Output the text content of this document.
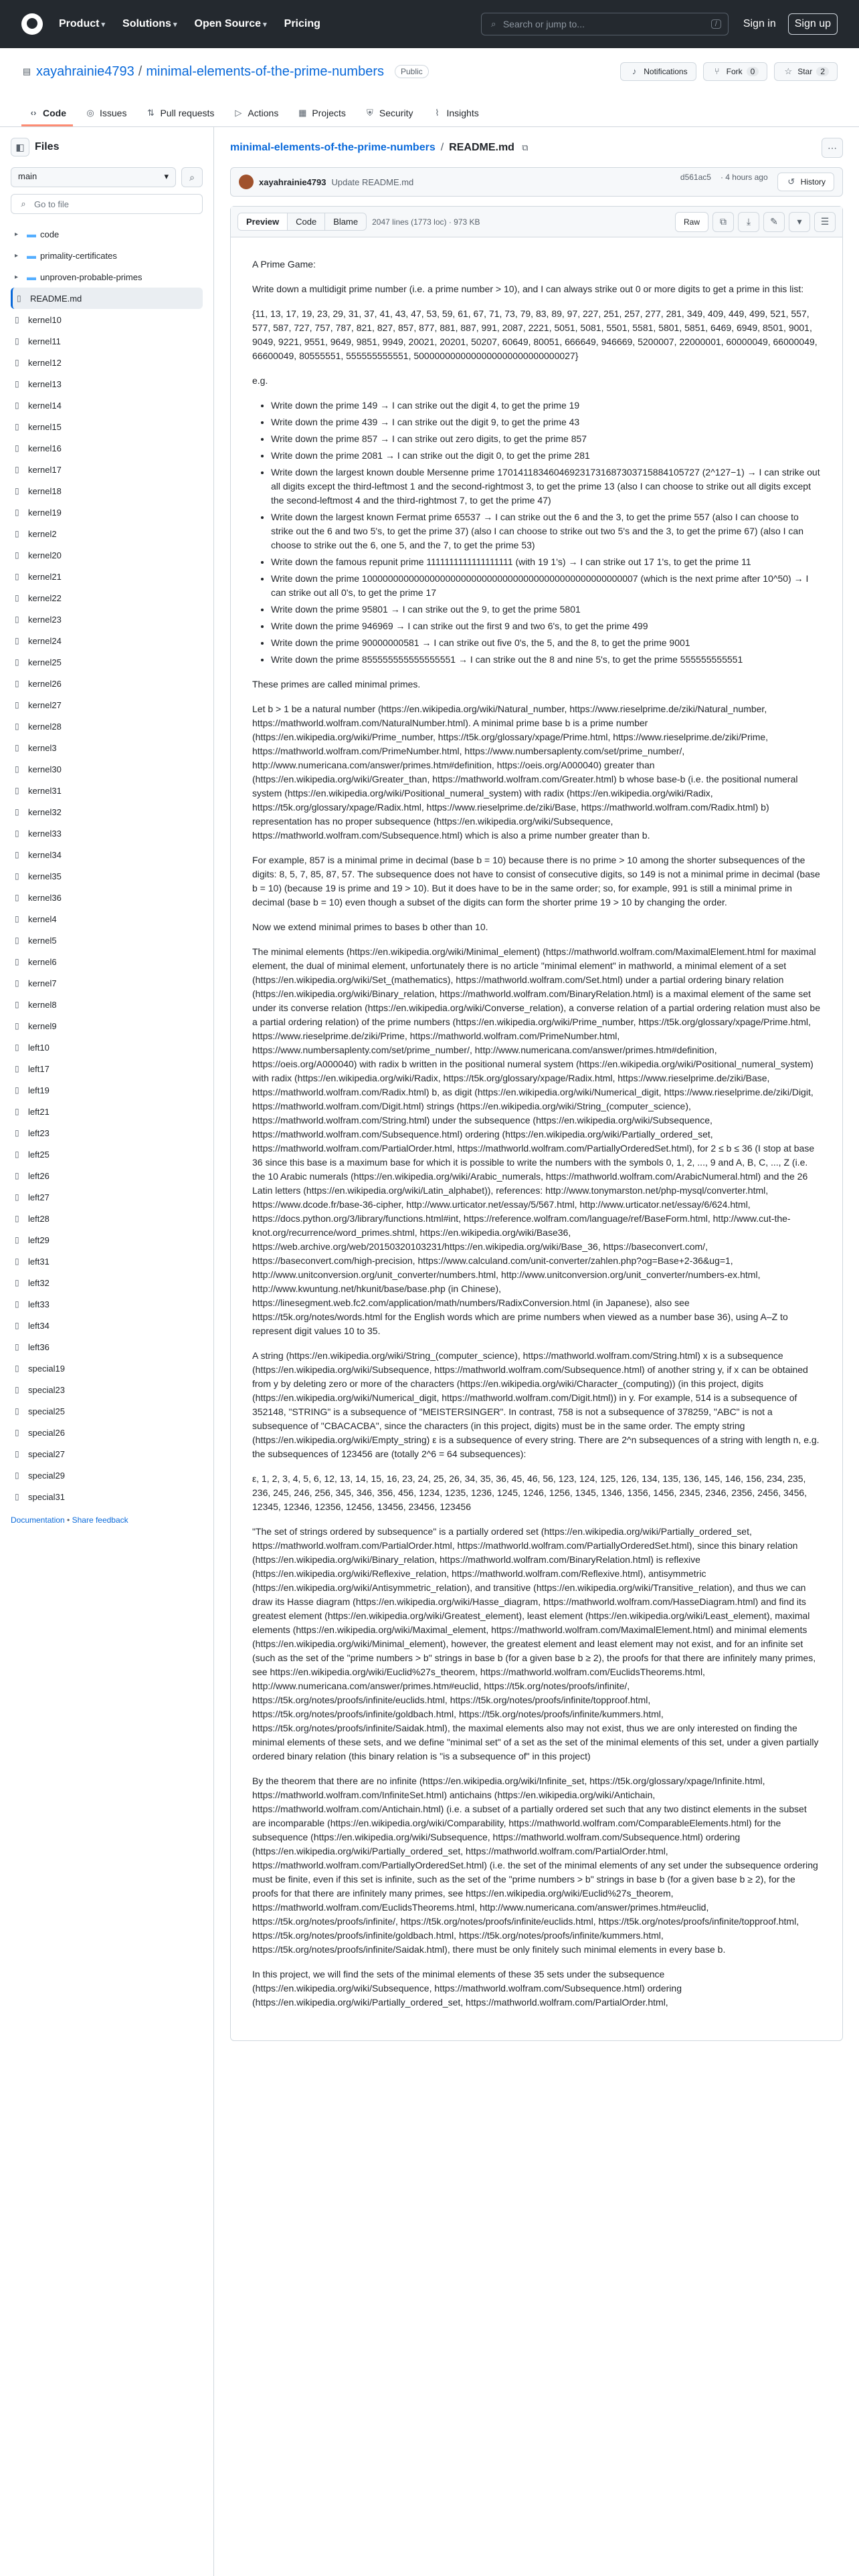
Product ▾	Solutions ▾	Open Source ▾	Pricing	⌕ Search or jump to...	/	Sign in	Sign up
▤ xayahrainie4793 / minimal-elements-of-the-prime-numbers	Public	♪ Notifications	⑂ Fork	0	☆ Star	2
‹› Code ◎ Issues ⇅ Pull requests ▷ Actions ▦ Projects ⛨ Security	⌇ Insights
◧ Files
main	▾	⌕
⌕ Go to file
▸ ▬ code
▸ ▬ primality-certificates
▸ ▬ unproven-probable-primes
▯	README.md
▯	kernel10
▯	kernel11
▯	kernel12
▯	kernel13
▯	kernel14
▯	kernel15
▯	kernel16
▯	kernel17
▯	kernel18
▯	kernel19
▯	kernel2
▯	kernel20
▯	kernel21
▯	kernel22
▯	kernel23
▯	kernel24
▯	kernel25
▯	kernel26
▯	kernel27
▯	kernel28
▯	kernel3
▯	kernel30
▯	kernel31
▯	kernel32
▯	kernel33
▯	kernel34
▯	kernel35
▯	kernel36
▯	kernel4
▯	kernel5
▯	kernel6
▯	kernel7
▯	kernel8
▯	kernel9
▯	left10
▯	left17
▯	left19
▯	left21
▯	left23
▯	left25
▯	left26
▯	left27
▯	left28
▯	left29
▯	left31
▯	left32
▯	left33
▯	left34
▯	left36
▯	special19
▯	special23
▯	special25
▯	special26
▯	special27
▯	special29
▯	special31
Documentation • Share feedback
minimal-elements-of-the-prime-numbers / README.md ⧉	⋯
xayahrainie4793 Update README.md	d561ac5 · 4 hours ago ↺ History
Preview	Code	Blame	2047 lines (1773 loc) · 973 KB	Raw	⧉	⤓	✎	▾	☰

A Prime Game:

Write down a multidigit prime number (i.e. a prime number > 10), and I can always strike out 0 or more digits to get a prime in this list:

{11, 13, 17, 19, 23, 29, 31, 37, 41, 43, 47, 53, 59, 61, 67, 71, 73, 79, 83, 89, 97, 227, 251, 257, 277, 281, 349, 409, 449, 499, 521, 557, 577, 587, 727, 757, 787, 821, 827, 857, 877, 881, 887, 991, 2087, 2221, 5051, 5081, 5501, 5581, 5801, 5851, 6469, 6949, 8501, 9001, 9049, 9221, 9551, 9649, 9851, 9949, 20021, 20201, 50207, 60649, 80051, 666649, 946669, 5200007, 22000001, 60000049, 66000049, 66600049, 80555551, 555555555551, 5000000000000000000000000000027}

e.g.

• Write down the prime 149 → I can strike out the digit 4, to get the prime 19
• Write down the prime 439 → I can strike out the digit 9, to get the prime 43
• Write down the prime 857 → I can strike out zero digits, to get the prime 857
• Write down the prime 2081 → I can strike out the digit 0, to get the prime 281
• Write down the largest known double Mersenne prime 170141183460469231731687303715884105727 (2^127−1) → I can strike out all digits except the third-leftmost 1 and the second-rightmost 3, to get the prime 13 (also I can choose to strike out all digits except the second-leftmost 4 and the third-rightmost 7, to get the prime 47)
• Write down the largest known Fermat prime 65537 → I can strike out the 6 and the 3, to get the prime 557 (also I can choose to strike out the 6 and two 5's, to get the prime 37) (also I can choose to strike out two 5's and the 3, to get the prime 67) (also I can choose to strike out the 6, one 5, and the 7, to get the prime 53)
• Write down the famous repunit prime 1111111111111111111 (with 19 1's) → I can strike out 17 1's, to get the prime 11
• Write down the prime 10000000000000000000000000000000000000000000000000007 (which is the next prime after 10^50) → I can strike out all 0's, to get the prime 17
• Write down the prime 95801 → I can strike out the 9, to get the prime 5801
• Write down the prime 946969 → I can strike out the first 9 and two 6's, to get the prime 499
• Write down the prime 90000000581 → I can strike out five 0's, the 5, and the 8, to get the prime 9001
• Write down the prime 855555555555555551 → I can strike out the 8 and nine 5's, to get the prime 555555555551

These primes are called minimal primes.

Let b > 1 be a natural number (https://en.wikipedia.org/wiki/Natural_number, https://www.rieselprime.de/ziki/Natural_number, https://mathworld.wolfram.com/NaturalNumber.html). A minimal prime base b is a prime number (https://en.wikipedia.org/wiki/Prime_number, https://t5k.org/glossary/xpage/Prime.html, https://www.rieselprime.de/ziki/Prime, https://mathworld.wolfram.com/PrimeNumber.html, https://www.numbersaplenty.com/set/prime_number/, http://www.numericana.com/answer/primes.htm#definition, https://oeis.org/A000040) greater than (https://en.wikipedia.org/wiki/Greater_than, https://mathworld.wolfram.com/Greater.html) b whose base-b (i.e. the positional numeral system (https://en.wikipedia.org/wiki/Positional_numeral_system) with radix (https://en.wikipedia.org/wiki/Radix, https://t5k.org/glossary/xpage/Radix.html, https://www.rieselprime.de/ziki/Base, https://mathworld.wolfram.com/Radix.html) b) representation has no proper subsequence (https://en.wikipedia.org/wiki/Subsequence, https://mathworld.wolfram.com/Subsequence.html) which is also a prime number greater than b.

For example, 857 is a minimal prime in decimal (base b = 10) because there is no prime > 10 among the shorter subsequences of the digits: 8, 5, 7, 85, 87, 57. The subsequence does not have to consist of consecutive digits, so 149 is not a minimal prime in decimal (base b = 10) (because 19 is prime and 19 > 10). But it does have to be in the same order; so, for example, 991 is still a minimal prime in decimal (base b = 10) even though a subset of the digits can form the shorter prime 19 > 10 by changing the order.

Now we extend minimal primes to bases b other than 10.

The minimal elements (https://en.wikipedia.org/wiki/Minimal_element) (https://mathworld.wolfram.com/MaximalElement.html for maximal element, the dual of minimal element, unfortunately there is no article "minimal element" in mathworld, a minimal element of a set (https://en.wikipedia.org/wiki/Set_(mathematics), https://mathworld.wolfram.com/Set.html) under a partial ordering binary relation (https://en.wikipedia.org/wiki/Binary_relation, https://mathworld.wolfram.com/BinaryRelation.html) is a maximal element of the same set under its converse relation (https://en.wikipedia.org/wiki/Converse_relation), a converse relation of a partial ordering relation must also be a partial ordering relation) of the prime numbers (https://en.wikipedia.org/wiki/Prime_number, https://t5k.org/glossary/xpage/Prime.html, https://www.rieselprime.de/ziki/Prime, https://mathworld.wolfram.com/PrimeNumber.html, https://www.numbersaplenty.com/set/prime_number/, http://www.numericana.com/answer/primes.htm#definition, https://oeis.org/A000040) with radix b written in the positional numeral system (https://en.wikipedia.org/wiki/Positional_numeral_system) with radix (https://en.wikipedia.org/wiki/Radix, https://t5k.org/glossary/xpage/Radix.html, https://www.rieselprime.de/ziki/Base, https://mathworld.wolfram.com/Radix.html) b, as digit (https://en.wikipedia.org/wiki/Numerical_digit, https://www.rieselprime.de/ziki/Digit, https://mathworld.wolfram.com/Digit.html) strings (https://en.wikipedia.org/wiki/String_(computer_science), https://mathworld.wolfram.com/String.html) under the subsequence (https://en.wikipedia.org/wiki/Subsequence, https://mathworld.wolfram.com/Subsequence.html) ordering (https://en.wikipedia.org/wiki/Partially_ordered_set, https://mathworld.wolfram.com/PartialOrder.html, https://mathworld.wolfram.com/PartiallyOrderedSet.html), for 2 ≤ b ≤ 36 (I stop at base 36 since this base is a maximum base for which it is possible to write the numbers with the symbols 0, 1, 2, ..., 9 and A, B, C, ..., Z (i.e. the 10 Arabic numerals (https://en.wikipedia.org/wiki/Arabic_numerals, https://mathworld.wolfram.com/ArabicNumeral.html) and the 26 Latin letters (https://en.wikipedia.org/wiki/Latin_alphabet)), references: http://www.tonymarston.net/php-mysql/converter.html, https://www.dcode.fr/base-36-cipher, http://www.urticator.net/essay/5/567.html, http://www.urticator.net/essay/6/624.html, https://docs.python.org/3/library/functions.html#int, https://reference.wolfram.com/language/ref/BaseForm.html, http://www.cut-the-knot.org/recurrence/word_primes.shtml, https://en.wikipedia.org/wiki/Base36, https://web.archive.org/web/20150320103231/https://en.wikipedia.org/wiki/Base_36, https://baseconvert.com/, https://baseconvert.com/high-precision, https://www.calculand.com/unit-converter/zahlen.php?og=Base+2-36&ug=1, http://www.unitconversion.org/unit_converter/numbers.html, http://www.unitconversion.org/unit_converter/numbers-ex.html, http://www.kwuntung.net/hkunit/base/base.php (in Chinese), https://linesegment.web.fc2.com/application/math/numbers/RadixConversion.html (in Japanese), also see https://t5k.org/notes/words.html for the English words which are prime numbers when viewed as a number base 36), using A–Z to represent digit values 10 to 35.

A string (https://en.wikipedia.org/wiki/String_(computer_science), https://mathworld.wolfram.com/String.html) x is a subsequence (https://en.wikipedia.org/wiki/Subsequence, https://mathworld.wolfram.com/Subsequence.html) of another string y, if x can be obtained from y by deleting zero or more of the characters (https://en.wikipedia.org/wiki/Character_(computing)) (in this project, digits (https://en.wikipedia.org/wiki/Numerical_digit, https://mathworld.wolfram.com/Digit.html)) in y. For example, 514 is a subsequence of 352148, "STRING" is a subsequence of "MEISTERSINGER". In contrast, 758 is not a subsequence of 378259, "ABC" is not a subsequence of "CBACACBA", since the characters (in this project, digits) must be in the same order. The empty string (https://en.wikipedia.org/wiki/Empty_string) ε is a subsequence of every string. There are 2^n subsequences of a string with length n, e.g. the subsequences of 123456 are (totally 2^6 = 64 subsequences):

ε, 1, 2, 3, 4, 5, 6, 12, 13, 14, 15, 16, 23, 24, 25, 26, 34, 35, 36, 45, 46, 56, 123, 124, 125, 126, 134, 135, 136, 145, 146, 156, 234, 235, 236, 245, 246, 256, 345, 346, 356, 456, 1234, 1235, 1236, 1245, 1246, 1256, 1345, 1346, 1356, 1456, 2345, 2346, 2356, 2456, 3456, 12345, 12346, 12356, 12456, 13456, 23456, 123456

"The set of strings ordered by subsequence" is a partially ordered set (https://en.wikipedia.org/wiki/Partially_ordered_set, https://mathworld.wolfram.com/PartialOrder.html, https://mathworld.wolfram.com/PartiallyOrderedSet.html), since this binary relation (https://en.wikipedia.org/wiki/Binary_relation, https://mathworld.wolfram.com/BinaryRelation.html) is reflexive (https://en.wikipedia.org/wiki/Reflexive_relation, https://mathworld.wolfram.com/Reflexive.html), antisymmetric (https://en.wikipedia.org/wiki/Antisymmetric_relation), and transitive (https://en.wikipedia.org/wiki/Transitive_relation), and thus we can draw its Hasse diagram (https://en.wikipedia.org/wiki/Hasse_diagram, https://mathworld.wolfram.com/HasseDiagram.html) and find its greatest element (https://en.wikipedia.org/wiki/Greatest_element), least element (https://en.wikipedia.org/wiki/Least_element), maximal elements (https://en.wikipedia.org/wiki/Maximal_element, https://mathworld.wolfram.com/MaximalElement.html) and minimal elements (https://en.wikipedia.org/wiki/Minimal_element), however, the greatest element and least element may not exist, and for an infinite set (such as the set of the "prime numbers > b" strings in base b (for a given base b ≥ 2), the proofs for that there are infinitely many primes, see https://en.wikipedia.org/wiki/Euclid%27s_theorem, https://mathworld.wolfram.com/EuclidsTheorems.html, http://www.numericana.com/answer/primes.htm#euclid, https://t5k.org/notes/proofs/infinite/, https://t5k.org/notes/proofs/infinite/euclids.html, https://t5k.org/notes/proofs/infinite/topproof.html, https://t5k.org/notes/proofs/infinite/goldbach.html, https://t5k.org/notes/proofs/infinite/kummers.html, https://t5k.org/notes/proofs/infinite/Saidak.html), the maximal elements also may not exist, thus we are only interested on finding the minimal elements of these sets, and we define "minimal set" of a set as the set of the minimal elements of this set, under a given partially ordered binary relation (this binary relation is "is a subsequence of" in this project)

By the theorem that there are no infinite (https://en.wikipedia.org/wiki/Infinite_set, https://t5k.org/glossary/xpage/Infinite.html, https://mathworld.wolfram.com/InfiniteSet.html) antichains (https://en.wikipedia.org/wiki/Antichain, https://mathworld.wolfram.com/Antichain.html) (i.e. a subset of a partially ordered set such that any two distinct elements in the subset are incomparable (https://en.wikipedia.org/wiki/Comparability, https://mathworld.wolfram.com/ComparableElements.html) for the subsequence (https://en.wikipedia.org/wiki/Subsequence, https://mathworld.wolfram.com/Subsequence.html) ordering (https://en.wikipedia.org/wiki/Partially_ordered_set, https://mathworld.wolfram.com/PartialOrder.html, https://mathworld.wolfram.com/PartiallyOrderedSet.html) (i.e. the set of the minimal elements of any set under the subsequence ordering must be finite, even if this set is infinite, such as the set of the "prime numbers > b" strings in base b (for a given base b ≥ 2), for the proofs for that there are infinitely many primes, see https://en.wikipedia.org/wiki/Euclid%27s_theorem, https://mathworld.wolfram.com/EuclidsTheorems.html, http://www.numericana.com/answer/primes.htm#euclid, https://t5k.org/notes/proofs/infinite/, https://t5k.org/notes/proofs/infinite/euclids.html, https://t5k.org/notes/proofs/infinite/topproof.html, https://t5k.org/notes/proofs/infinite/goldbach.html, https://t5k.org/notes/proofs/infinite/kummers.html, https://t5k.org/notes/proofs/infinite/Saidak.html), there must be only finitely such minimal elements in every base b.

In this project, we will find the sets of the minimal elements of these 35 sets under the subsequence (https://en.wikipedia.org/wiki/Subsequence, https://mathworld.wolfram.com/Subsequence.html) ordering (https://en.wikipedia.org/wiki/Partially_ordered_set, https://mathworld.wolfram.com/PartialOrder.html,
